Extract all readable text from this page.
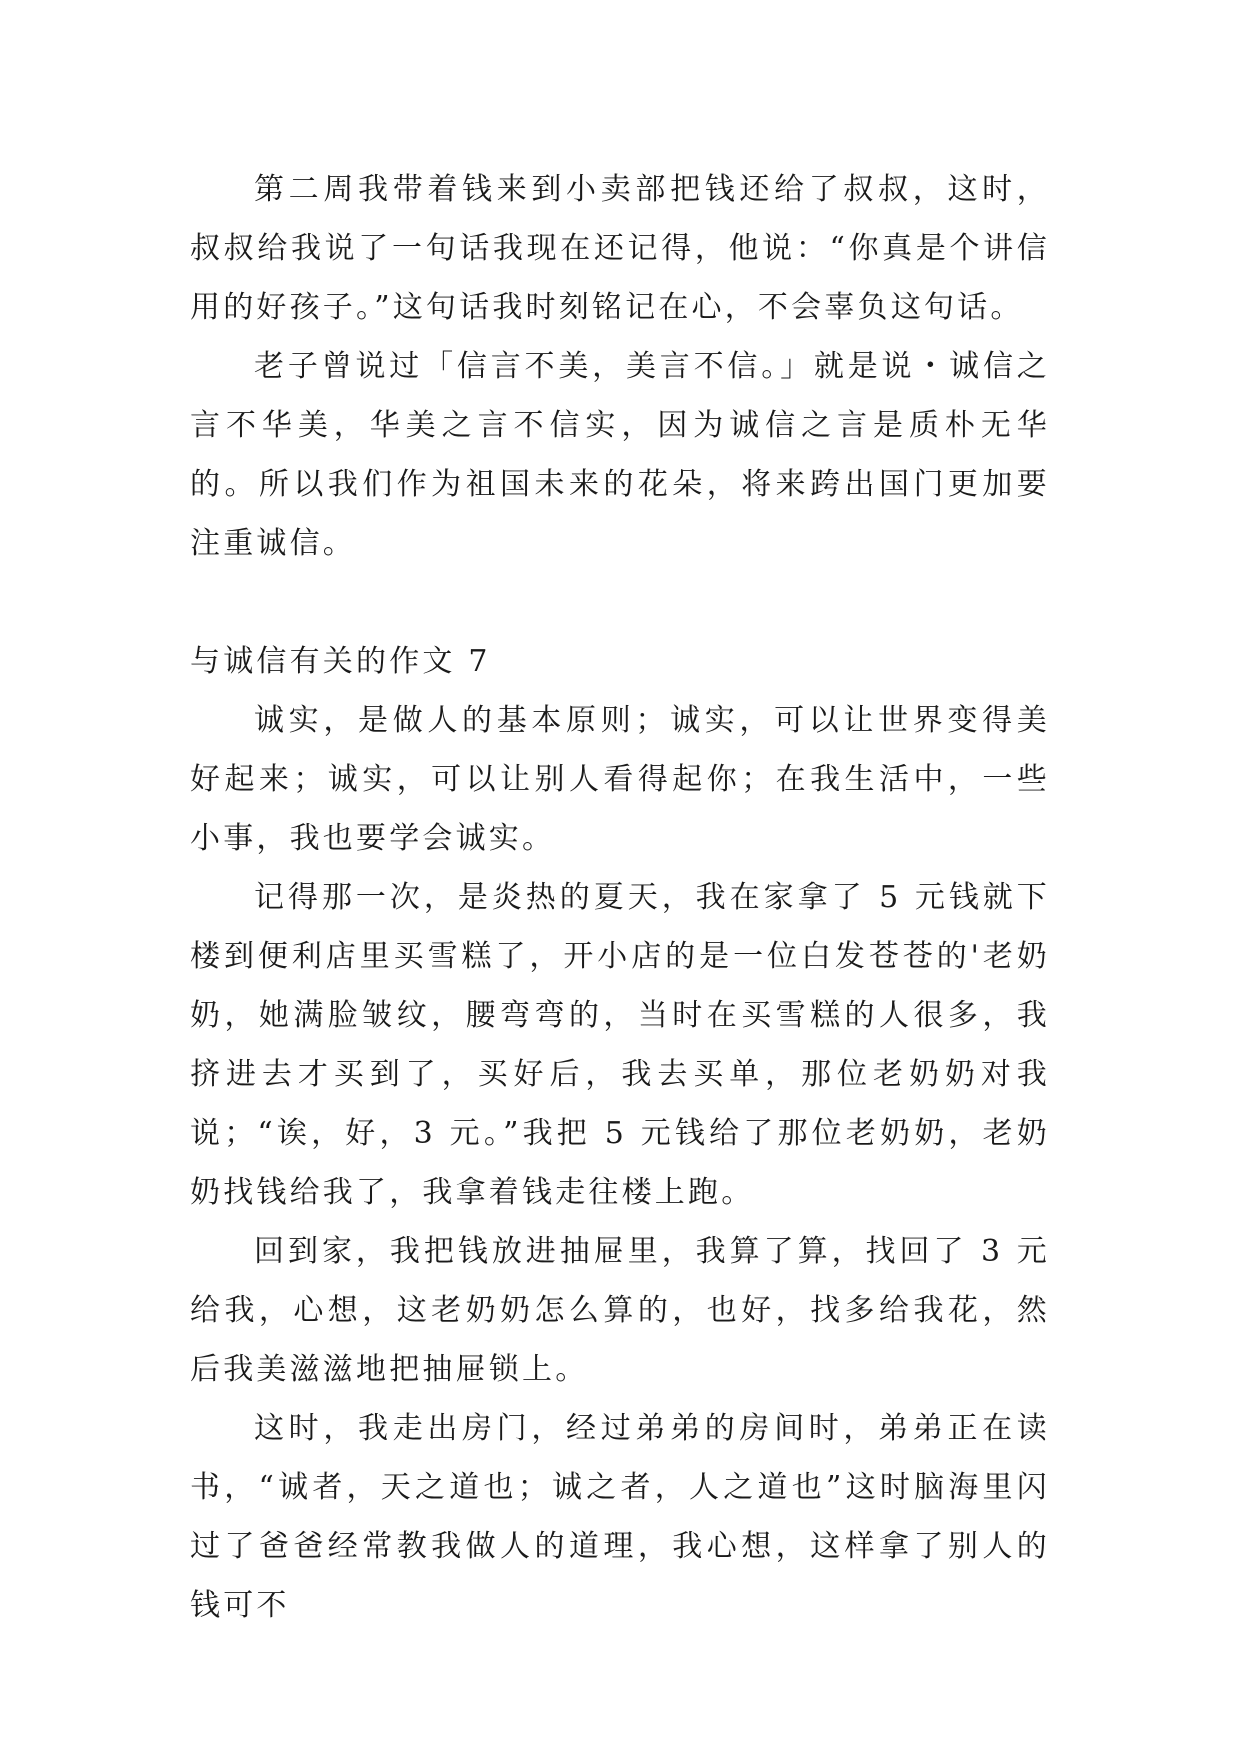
第二周我带着钱来到小卖部把钱还给了叔叔，这时，叔叔给我说了一句话我现在还记得，他说：“你真是个讲信用的好孩子。”这句话我时刻铭记在心，不会辜负这句话。

老子曾说过「信言不美，美言不信。」就是说・诚信之言不华美，华美之言不信实，因为诚信之言是质朴无华的。所以我们作为祖国未来的花朵，将来跨出国门更加要注重诚信。

与诚信有关的作文 7

诚实，是做人的基本原则；诚实，可以让世界变得美好起来；诚实，可以让别人看得起你；在我生活中，一些小事，我也要学会诚实。

记得那一次，是炎热的夏天，我在家拿了 5 元钱就下楼到便利店里买雪糕了，开小店的是一位白发苍苍的'老奶奶，她满脸皱纹，腰弯弯的，当时在买雪糕的人很多，我挤进去才买到了，买好后，我去买单，那位老奶奶对我说；“诶，好，3 元。”我把 5 元钱给了那位老奶奶，老奶奶找钱给我了，我拿着钱走往楼上跑。

回到家，我把钱放进抽屉里，我算了算，找回了 3 元给我，心想，这老奶奶怎么算的，也好，找多给我花，然后我美滋滋地把抽屉锁上。

这时，我走出房门，经过弟弟的房间时，弟弟正在读书，“诚者，天之道也；诚之者，人之道也”这时脑海里闪过了爸爸经常教我做人的道理，我心想，这样拿了别人的钱可不
